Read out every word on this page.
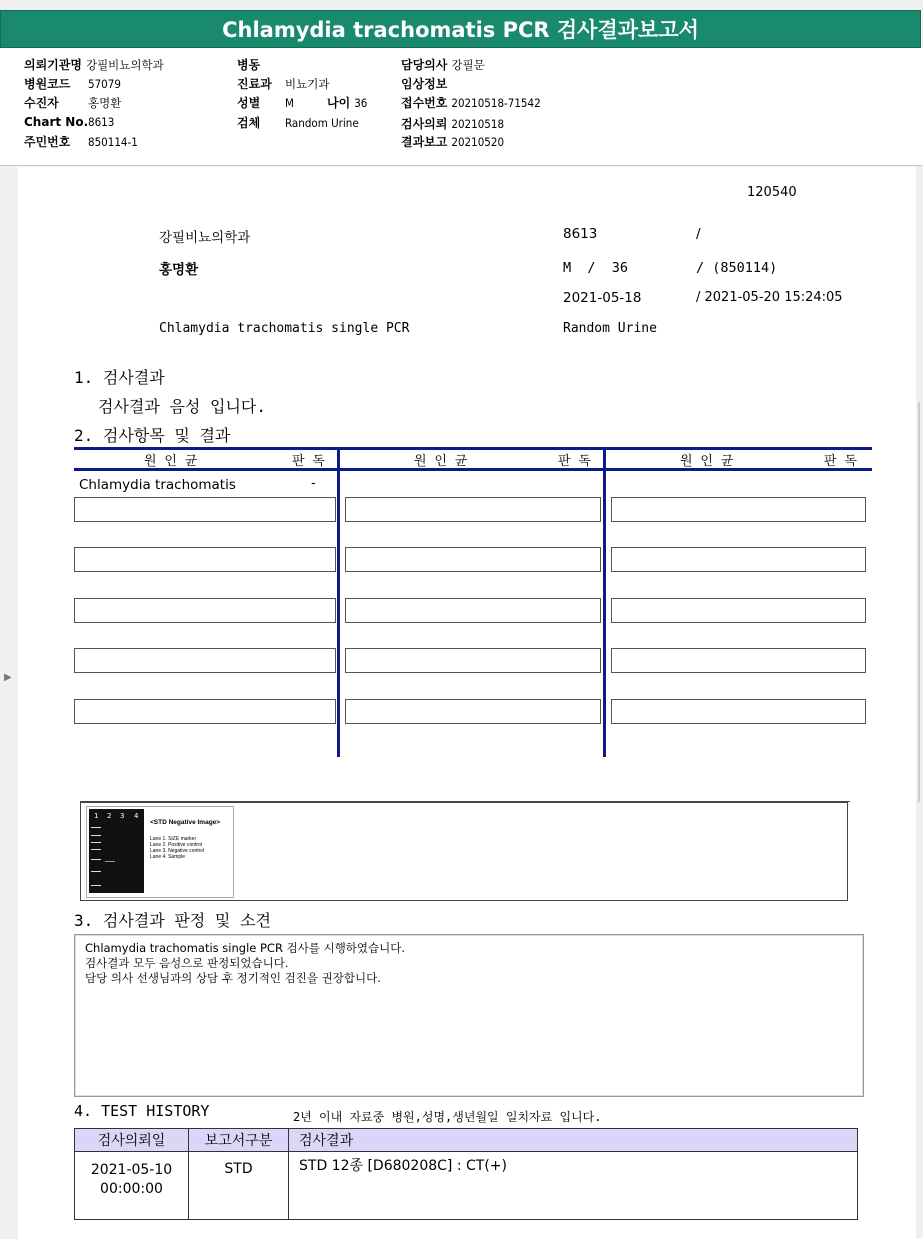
Chlamydia trachomatis PCR 검사결과보고서
의뢰기관명 강필비뇨의학과
병원코드 57079
수진자	홍명환
Chart No.8613
주민번호 850114-1
병동
진료과 비뇨기과
성별 M	나이 36
검체 Random Urine
담당의사 강필문
임상정보
접수번호 20210518-71542
검사의뢰 20210518
결과보고 20210520
▶
120540
강필비뇨의학과	8613	/
홍명환	M  /  36	/ (850114)
2021-05-18	/ 2021-05-20 15:24:05
Chlamydia trachomatis single PCR	Random Urine
1. 검사결과
검사결과 음성 입니다.
2. 검사항목 및 결과
원 인 균	판 독	원 인 균	판 독	원 인 균	판 독
Chlamydia trachomatis	-
1 2 3 4
<STD Negative Image>
Lane 1. SIZE marker
Lane 2. Positive control
Lane 3. Negative control
Lane 4. Sample
3. 검사결과 판정 및 소견
Chlamydia trachomatis single PCR 검사를 시행하였습니다.
검사결과 모두 음성으로 판정되었습니다.
담당 의사 선생님과의 상담 후 정기적인 검진을 권장합니다.
4. TEST HISTORY	2년 이내 자료중 병원,성명,생년월일 일치자료 입니다.
검사의뢰일	보고서구분	검사결과

2021-05-10
00:00:00	STD	STD 12종 [D680208C] : CT(+)
